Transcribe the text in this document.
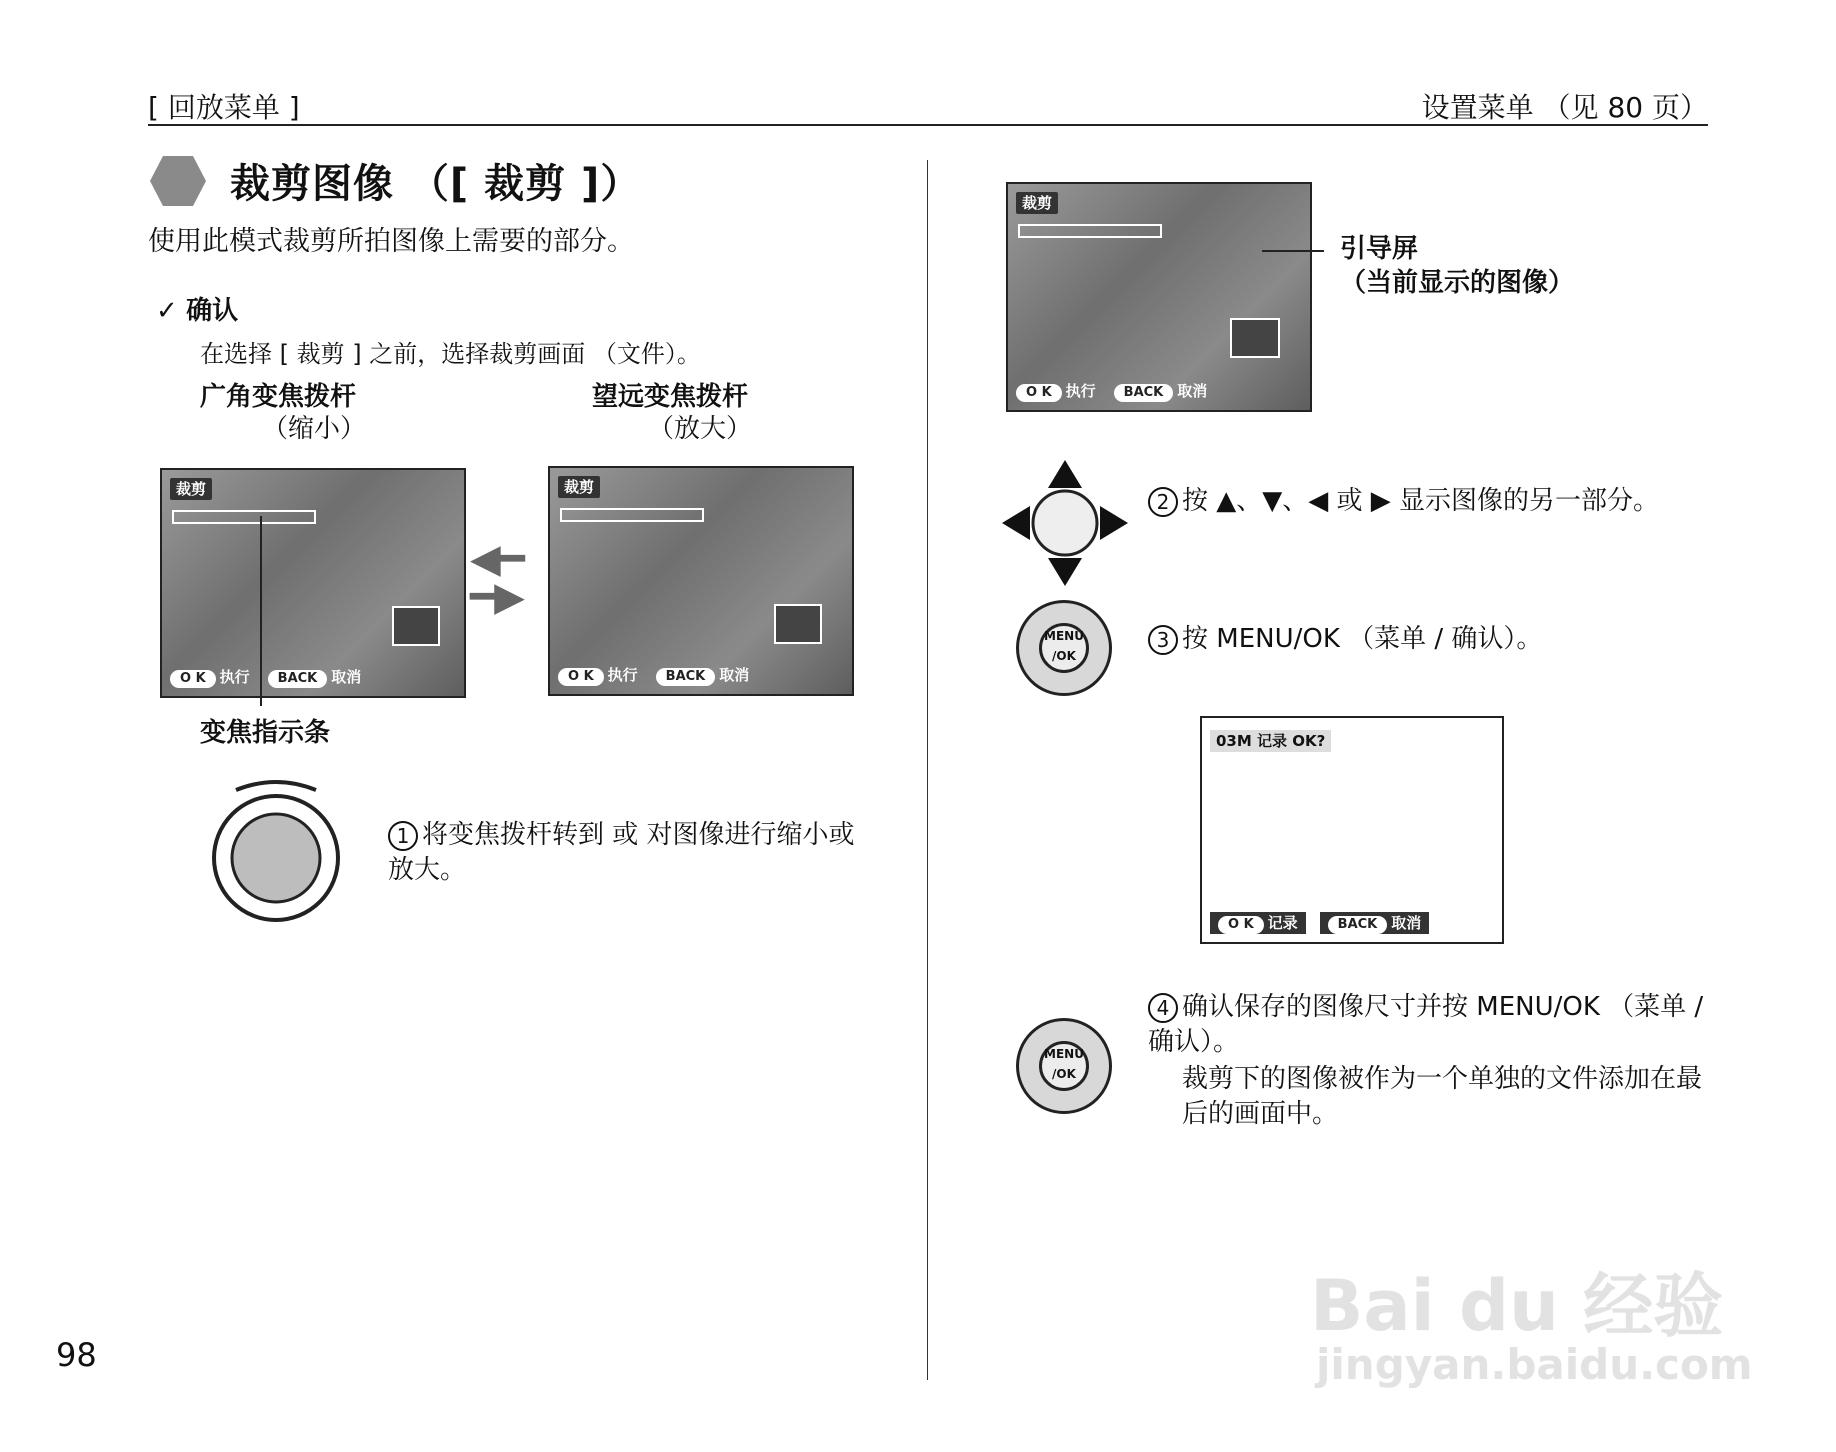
[ 回放菜单 ]	设置菜单 （见 80 页）
裁剪图像 （[ 裁剪 ]）
使用此模式裁剪所拍图像上需要的部分。
✓ 确认
在选择 [ 裁剪 ] 之前，选择裁剪画面 （文件）。
广角变焦拨杆
（缩小）
望远变焦拨杆
（放大）
裁剪
O K 执行	BACK 取消
◀━
━▶
裁剪
O K 执行	BACK 取消
变焦指示条
1 将变焦拨杆转到 或 对图像进行缩小或放大。
裁剪
O K 执行	BACK 取消
引导屏
（当前显示的图像）
2 按 ▲、▼、◀ 或 ▶ 显示图像的另一部分。
MENU /OK
3 按 MENU/OK （菜单 / 确认）。
03M 记录 OK?
O K 记录	BACK 取消
MENU /OK
4 确认保存的图像尺寸并按 MENU/OK （菜单 / 确认）。
裁剪下的图像被作为一个单独的文件添加在最后的画面中。
98
Bai du 经验
jingyan.baidu.com
